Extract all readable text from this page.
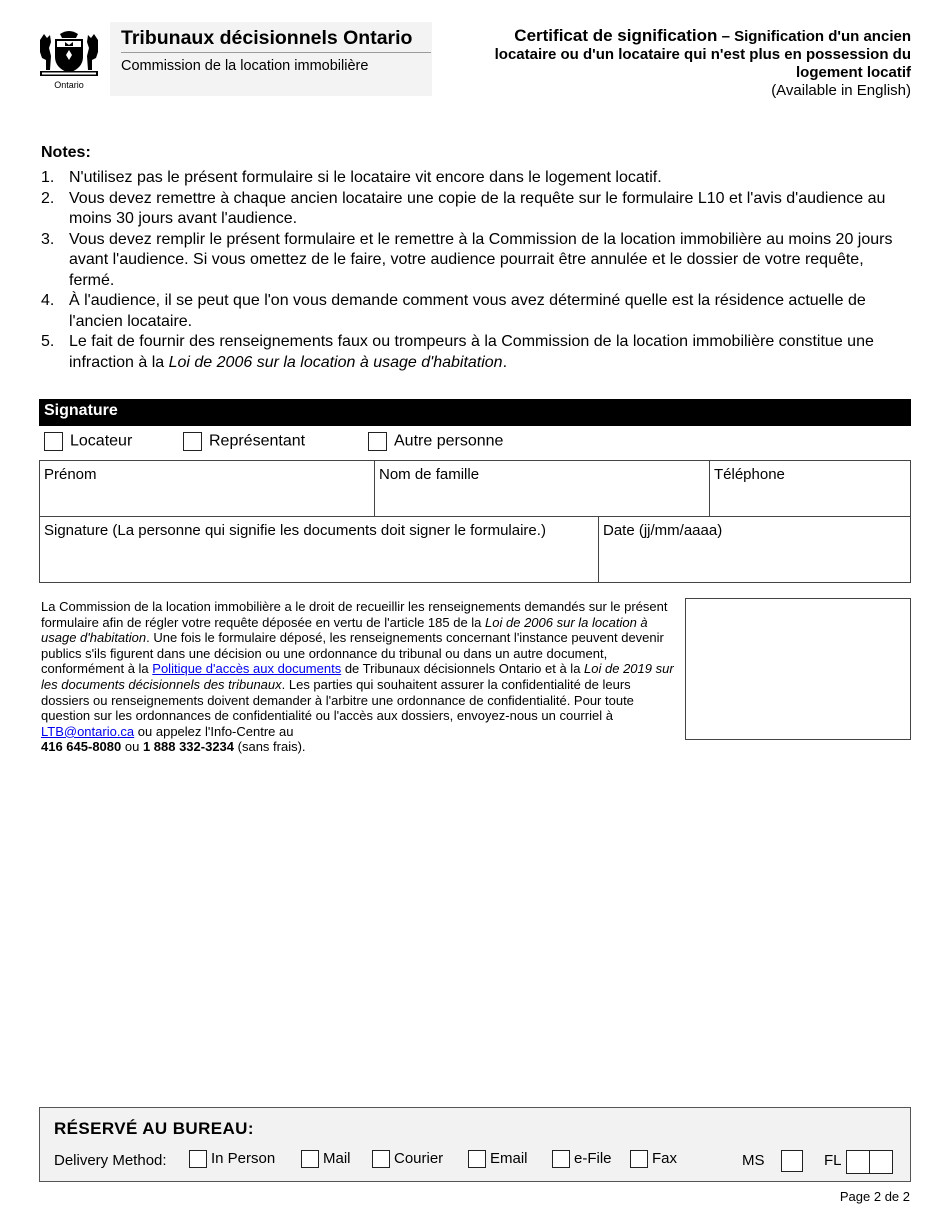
Ontario
Tribunaux décisionnels Ontario
Commission de la location immobilière
Certificat de signification – Signification d'un ancien locataire ou d'un locataire qui n'est plus en possession du logement locatif
(Available in English)
Notes:
1. N'utilisez pas le présent formulaire si le locataire vit encore dans le logement locatif.
2. Vous devez remettre à chaque ancien locataire une copie de la requête sur le formulaire L10 et l'avis d'audience au moins 30 jours avant l'audience.
3. Vous devez remplir le présent formulaire et le remettre à la Commission de la location immobilière au moins 20 jours avant l'audience. Si vous omettez de le faire, votre audience pourrait être annulée et le dossier de votre requête, fermé.
4. À l'audience, il se peut que l'on vous demande comment vous avez déterminé quelle est la résidence actuelle de l'ancien locataire.
5. Le fait de fournir des renseignements faux ou trompeurs à la Commission de la location immobilière constitue une infraction à la Loi de 2006 sur la location à usage d'habitation.
Signature
Locateur	Représentant	Autre personne
Prénom	Nom de famille	Téléphone
Signature (La personne qui signifie les documents doit signer le formulaire.)	Date (jj/mm/aaaa)
La Commission de la location immobilière a le droit de recueillir les renseignements demandés sur le présent formulaire afin de régler votre requête déposée en vertu de l'article 185 de la Loi de 2006 sur la location à usage d'habitation. Une fois le formulaire déposé, les renseignements concernant l'instance peuvent devenir publics s'ils figurent dans une décision ou une ordonnance du tribunal ou dans un autre document, conformément à la Politique d'accès aux documents de Tribunaux décisionnels Ontario et à la Loi de 2019 sur les documents décisionnels des tribunaux. Les parties qui souhaitent assurer la confidentialité de leurs dossiers ou renseignements doivent demander à l'arbitre une ordonnance de confidentialité. Pour toute question sur les ordonnances de confidentialité ou l'accès aux dossiers, envoyez-nous un courriel à LTB@ontario.ca ou appelez l'Info-Centre au
416 645-8080 ou 1 888 332-3234 (sans frais).
RÉSERVÉ AU BUREAU:
Delivery Method:	In Person	Mail	Courier	Email	e-File	Fax	MS	FL
Page 2 de 2
